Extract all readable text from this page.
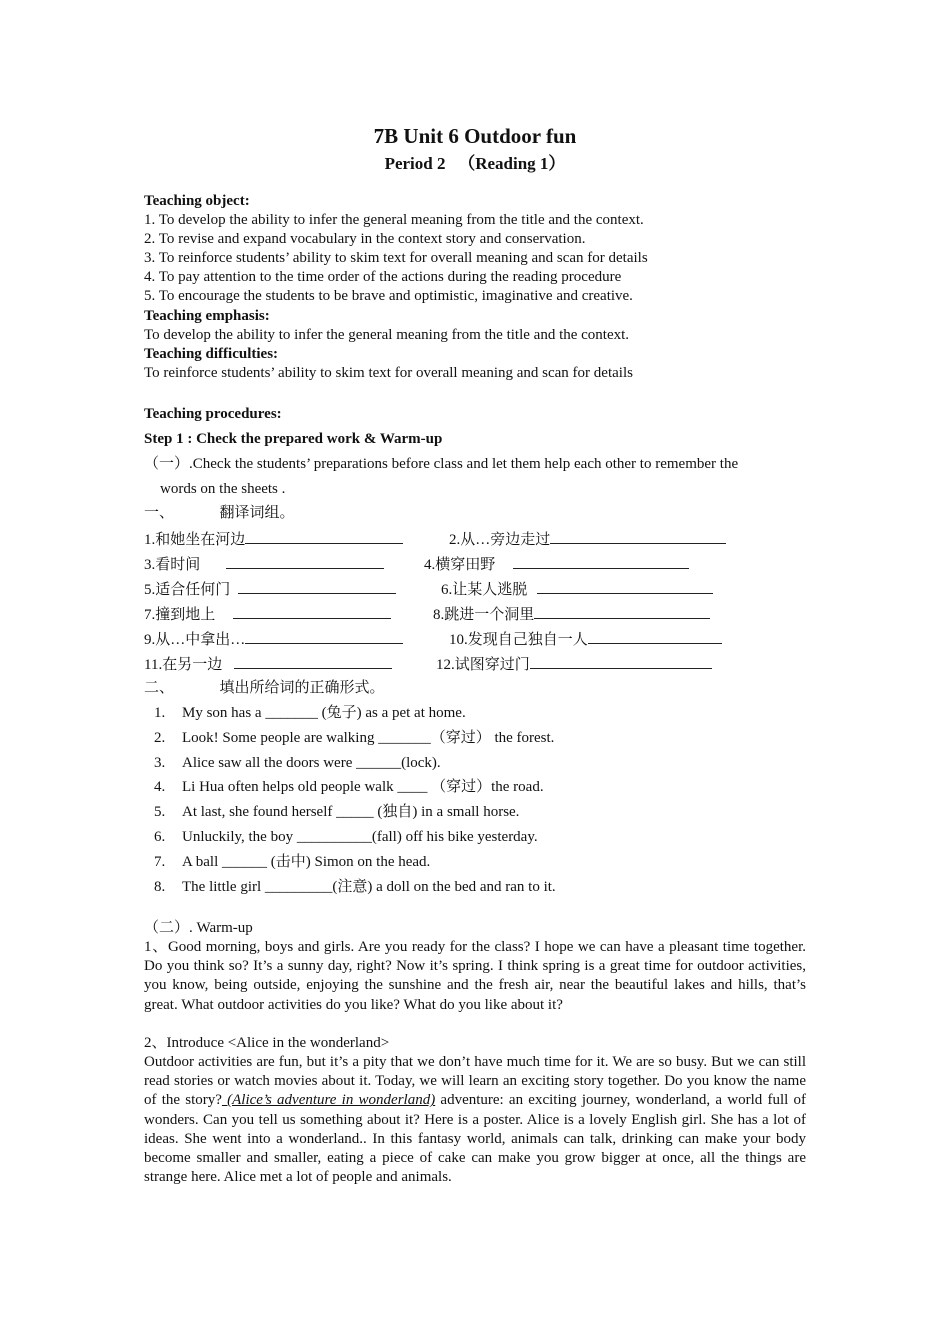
7B Unit 6 Outdoor fun
Period 2 　（Reading 1）
Teaching object:
1. To develop the ability to infer the general meaning from the title and the context.
2. To revise and expand vocabulary in the context story and conservation.
3. To reinforce students’ ability to skim text for overall meaning and scan for details
4. To pay attention to the time order of the actions during the reading procedure
5. To encourage the students to be brave and optimistic, imaginative and creative.
Teaching emphasis:
To develop the ability to infer the general meaning from the title and the context.
Teaching difficulties:
To reinforce students’ ability to skim text for overall meaning and scan for details
Teaching procedures:
Step 1 : Check the prepared work & Warm-up
（一）.Check the students’ preparations before class and let them help each other to remember the
words on the sheets .
一、	翻译词组。
1.和她坐在河边	2.从…旁边走过
3.看时间	4.横穿田野
5.适合任何门	6.让某人逃脱
7.撞到地上	8.跳进一个洞里
9.从…中拿出…	10.发现自己独自一人
11.在另一边	12.试图穿过门
二、	填出所给词的正确形式。
1. My son has a _______ (兔子) as a pet at home.
2. Look! Some people are walking _______（穿过） the forest.
3. Alice saw all the doors were ______(lock).
4. Li Hua often helps old people walk ____ （穿过）the road.
5. At last, she found herself _____ (独自) in a small horse.
6. Unluckily, the boy __________(fall) off his bike yesterday.
7. A ball ______ (击中) Simon on the head.
8. The little girl _________(注意) a doll on the bed and ran to it.
（二）. Warm-up
1、Good morning, boys and girls. Are you ready for the class? I hope we can have a pleasant time together. Do you think so? It’s a sunny day, right? Now it’s spring. I think spring is a great time for outdoor activities, you know, being outside, enjoying the sunshine and the fresh air, near the beautiful lakes and hills, that’s great. What outdoor activities do you like? What do you like about it?
2、Introduce <Alice in the wonderland>
Outdoor activities are fun, but it’s a pity that we don’t have much time for it. We are so busy. But we can still read stories or watch movies about it. Today, we will learn an exciting story together. Do you know the name of the story? (Alice’s adventure in wonderland) adventure: an exciting journey, wonderland, a world full of wonders. Can you tell us something about it? Here is a poster. Alice is a lovely English girl. She has a lot of ideas. She went into a wonderland.. In this fantasy world, animals can talk, drinking can make your body become smaller and smaller, eating a piece of cake can make you grow bigger at once, all the things are strange here. Alice met a lot of people and animals.
